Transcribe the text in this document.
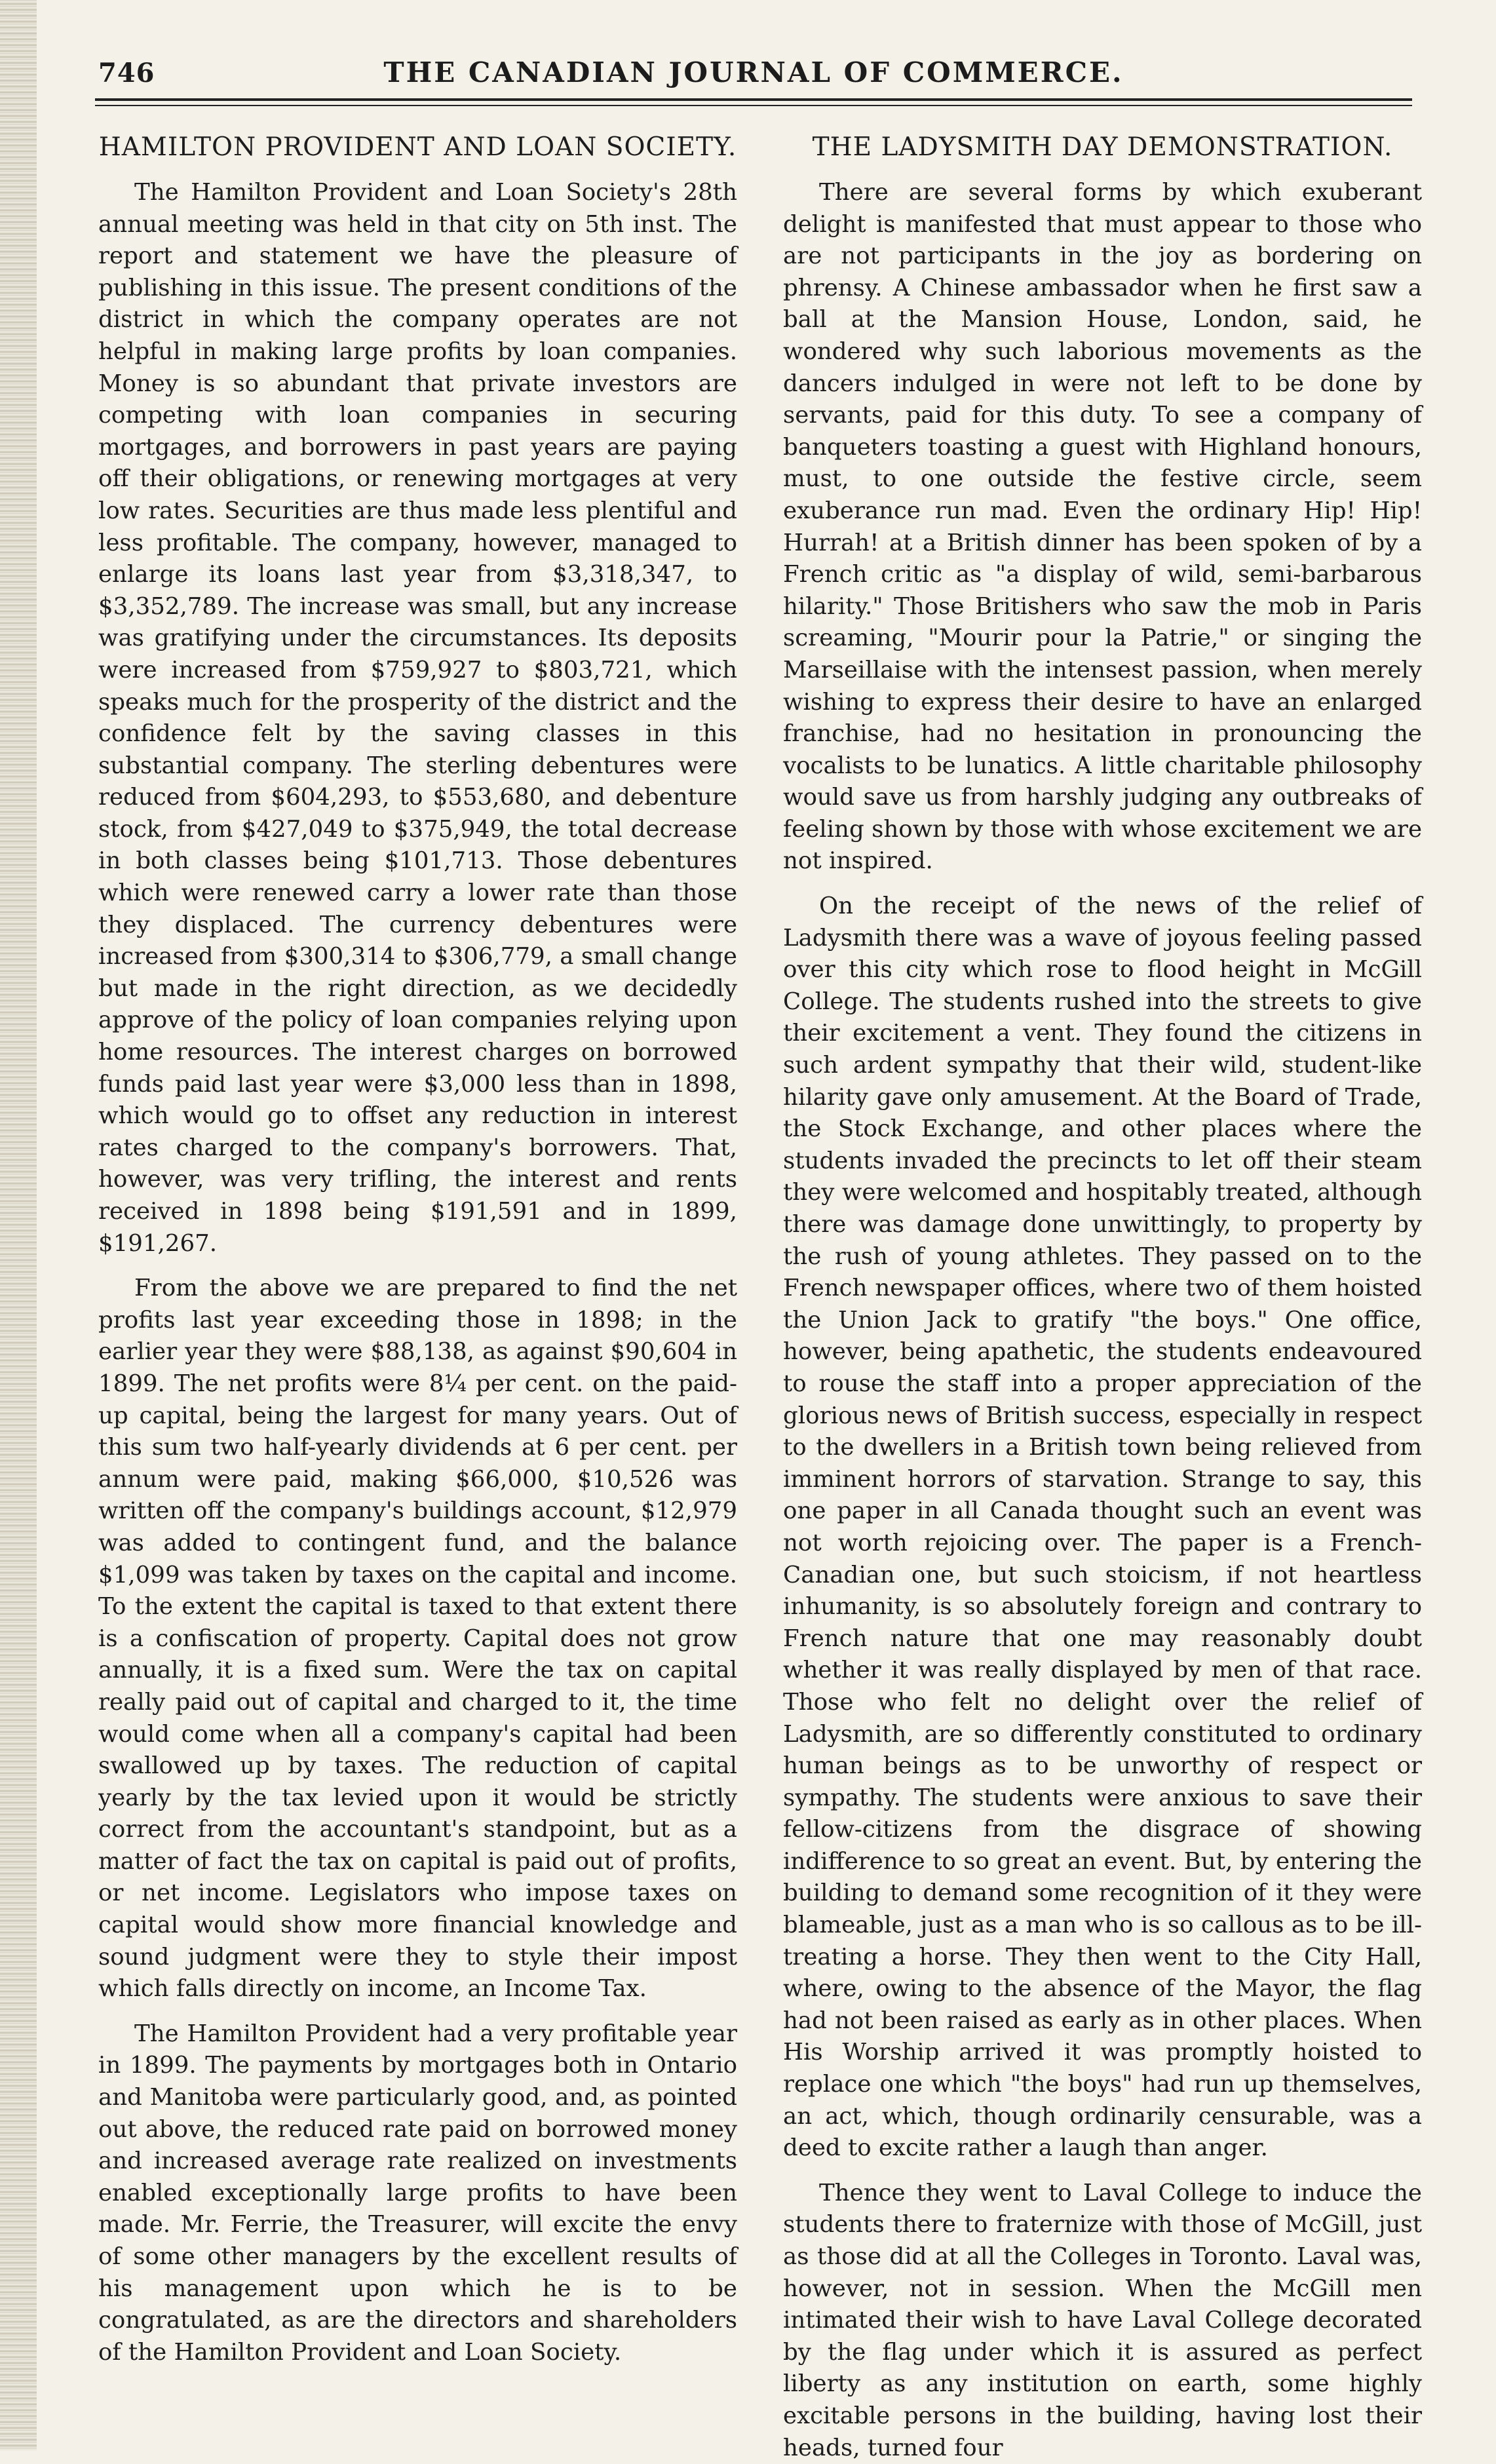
746	THE CANADIAN JOURNAL OF COMMERCE.
HAMILTON PROVIDENT AND LOAN SOCIETY.

The Hamilton Provident and Loan Society's 28th annual meeting was held in that city on 5th inst. The report and statement we have the pleasure of publishing in this issue. The present conditions of the district in which the company operates are not helpful in making large profits by loan companies. Money is so abundant that private investors are competing with loan companies in securing mortgages, and borrowers in past years are paying off their obligations, or renewing mortgages at very low rates. Securities are thus made less plentiful and less profitable. The company, however, managed to enlarge its loans last year from $3,318,347, to $3,352,789. The increase was small, but any increase was gratifying under the circumstances. Its deposits were increased from $759,927 to $803,721, which speaks much for the prosperity of the district and the confidence felt by the saving classes in this substantial company. The sterling debentures were reduced from $604,293, to $553,680, and debenture stock, from $427,049 to $375,949, the total decrease in both classes being $101,713. Those debentures which were renewed carry a lower rate than those they displaced. The currency debentures were increased from $300,314 to $306,779, a small change but made in the right direction, as we decidedly approve of the policy of loan companies relying upon home resources. The interest charges on borrowed funds paid last year were $3,000 less than in 1898, which would go to offset any reduction in interest rates charged to the company's borrowers. That, however, was very trifling, the interest and rents received in 1898 being $191,591 and in 1899, $191,267.

From the above we are prepared to find the net profits last year exceeding those in 1898; in the earlier year they were $88,138, as against $90,604 in 1899. The net profits were 8¼ per cent. on the paid-up capital, being the largest for many years. Out of this sum two half-yearly dividends at 6 per cent. per annum were paid, making $66,000, $10,526 was written off the company's buildings account, $12,979 was added to contingent fund, and the balance $1,099 was taken by taxes on the capital and income. To the extent the capital is taxed to that extent there is a confiscation of property. Capital does not grow annually, it is a fixed sum. Were the tax on capital really paid out of capital and charged to it, the time would come when all a company's capital had been swallowed up by taxes. The reduction of capital yearly by the tax levied upon it would be strictly correct from the accountant's standpoint, but as a matter of fact the tax on capital is paid out of profits, or net income. Legislators who impose taxes on capital would show more financial knowledge and sound judgment were they to style their impost which falls directly on income, an Income Tax.

The Hamilton Provident had a very profitable year in 1899. The payments by mortgages both in Ontario and Manitoba were particularly good, and, as pointed out above, the reduced rate paid on borrowed money and increased average rate realized on investments enabled exceptionally large profits to have been made. Mr. Ferrie, the Treasurer, will excite the envy of some other managers by the excellent results of his management upon which he is to be congratulated, as are the directors and shareholders of the Hamilton Provident and Loan Society.

THE LADYSMITH DAY DEMONSTRATION.

There are several forms by which exuberant delight is manifested that must appear to those who are not participants in the joy as bordering on phrensy. A Chinese ambassador when he first saw a ball at the Mansion House, London, said, he wondered why such laborious movements as the dancers indulged in were not left to be done by servants, paid for this duty. To see a company of banqueters toasting a guest with Highland honours, must, to one outside the festive circle, seem exuberance run mad. Even the ordinary Hip! Hip! Hurrah! at a British dinner has been spoken of by a French critic as "a display of wild, semi-barbarous hilarity." Those Britishers who saw the mob in Paris screaming, "Mourir pour la Patrie," or singing the Marseillaise with the intensest passion, when merely wishing to express their desire to have an enlarged franchise, had no hesitation in pronouncing the vocalists to be lunatics. A little charitable philosophy would save us from harshly judging any outbreaks of feeling shown by those with whose excitement we are not inspired.

On the receipt of the news of the relief of Ladysmith there was a wave of joyous feeling passed over this city which rose to flood height in McGill College. The students rushed into the streets to give their excitement a vent. They found the citizens in such ardent sympathy that their wild, student-like hilarity gave only amusement. At the Board of Trade, the Stock Exchange, and other places where the students invaded the precincts to let off their steam they were welcomed and hospitably treated, although there was damage done unwittingly, to property by the rush of young athletes. They passed on to the French newspaper offices, where two of them hoisted the Union Jack to gratify "the boys." One office, however, being apathetic, the students endeavoured to rouse the staff into a proper appreciation of the glorious news of British success, especially in respect to the dwellers in a British town being relieved from imminent horrors of starvation. Strange to say, this one paper in all Canada thought such an event was not worth rejoicing over. The paper is a French-Canadian one, but such stoicism, if not heartless inhumanity, is so absolutely foreign and contrary to French nature that one may reasonably doubt whether it was really displayed by men of that race. Those who felt no delight over the relief of Ladysmith, are so differently constituted to ordinary human beings as to be unworthy of respect or sympathy. The students were anxious to save their fellow-citizens from the disgrace of showing indifference to so great an event. But, by entering the building to demand some recognition of it they were blameable, just as a man who is so callous as to be ill-treating a horse. They then went to the City Hall, where, owing to the absence of the Mayor, the flag had not been raised as early as in other places. When His Worship arrived it was promptly hoisted to replace one which "the boys" had run up themselves, an act, which, though ordinarily censurable, was a deed to excite rather a laugh than anger.

Thence they went to Laval College to induce the students there to fraternize with those of McGill, just as those did at all the Colleges in Toronto. Laval was, however, not in session. When the McGill men intimated their wish to have Laval College decorated by the flag under which it is assured as perfect liberty as any institution on earth, some highly excitable persons in the building, having lost their heads, turned four
